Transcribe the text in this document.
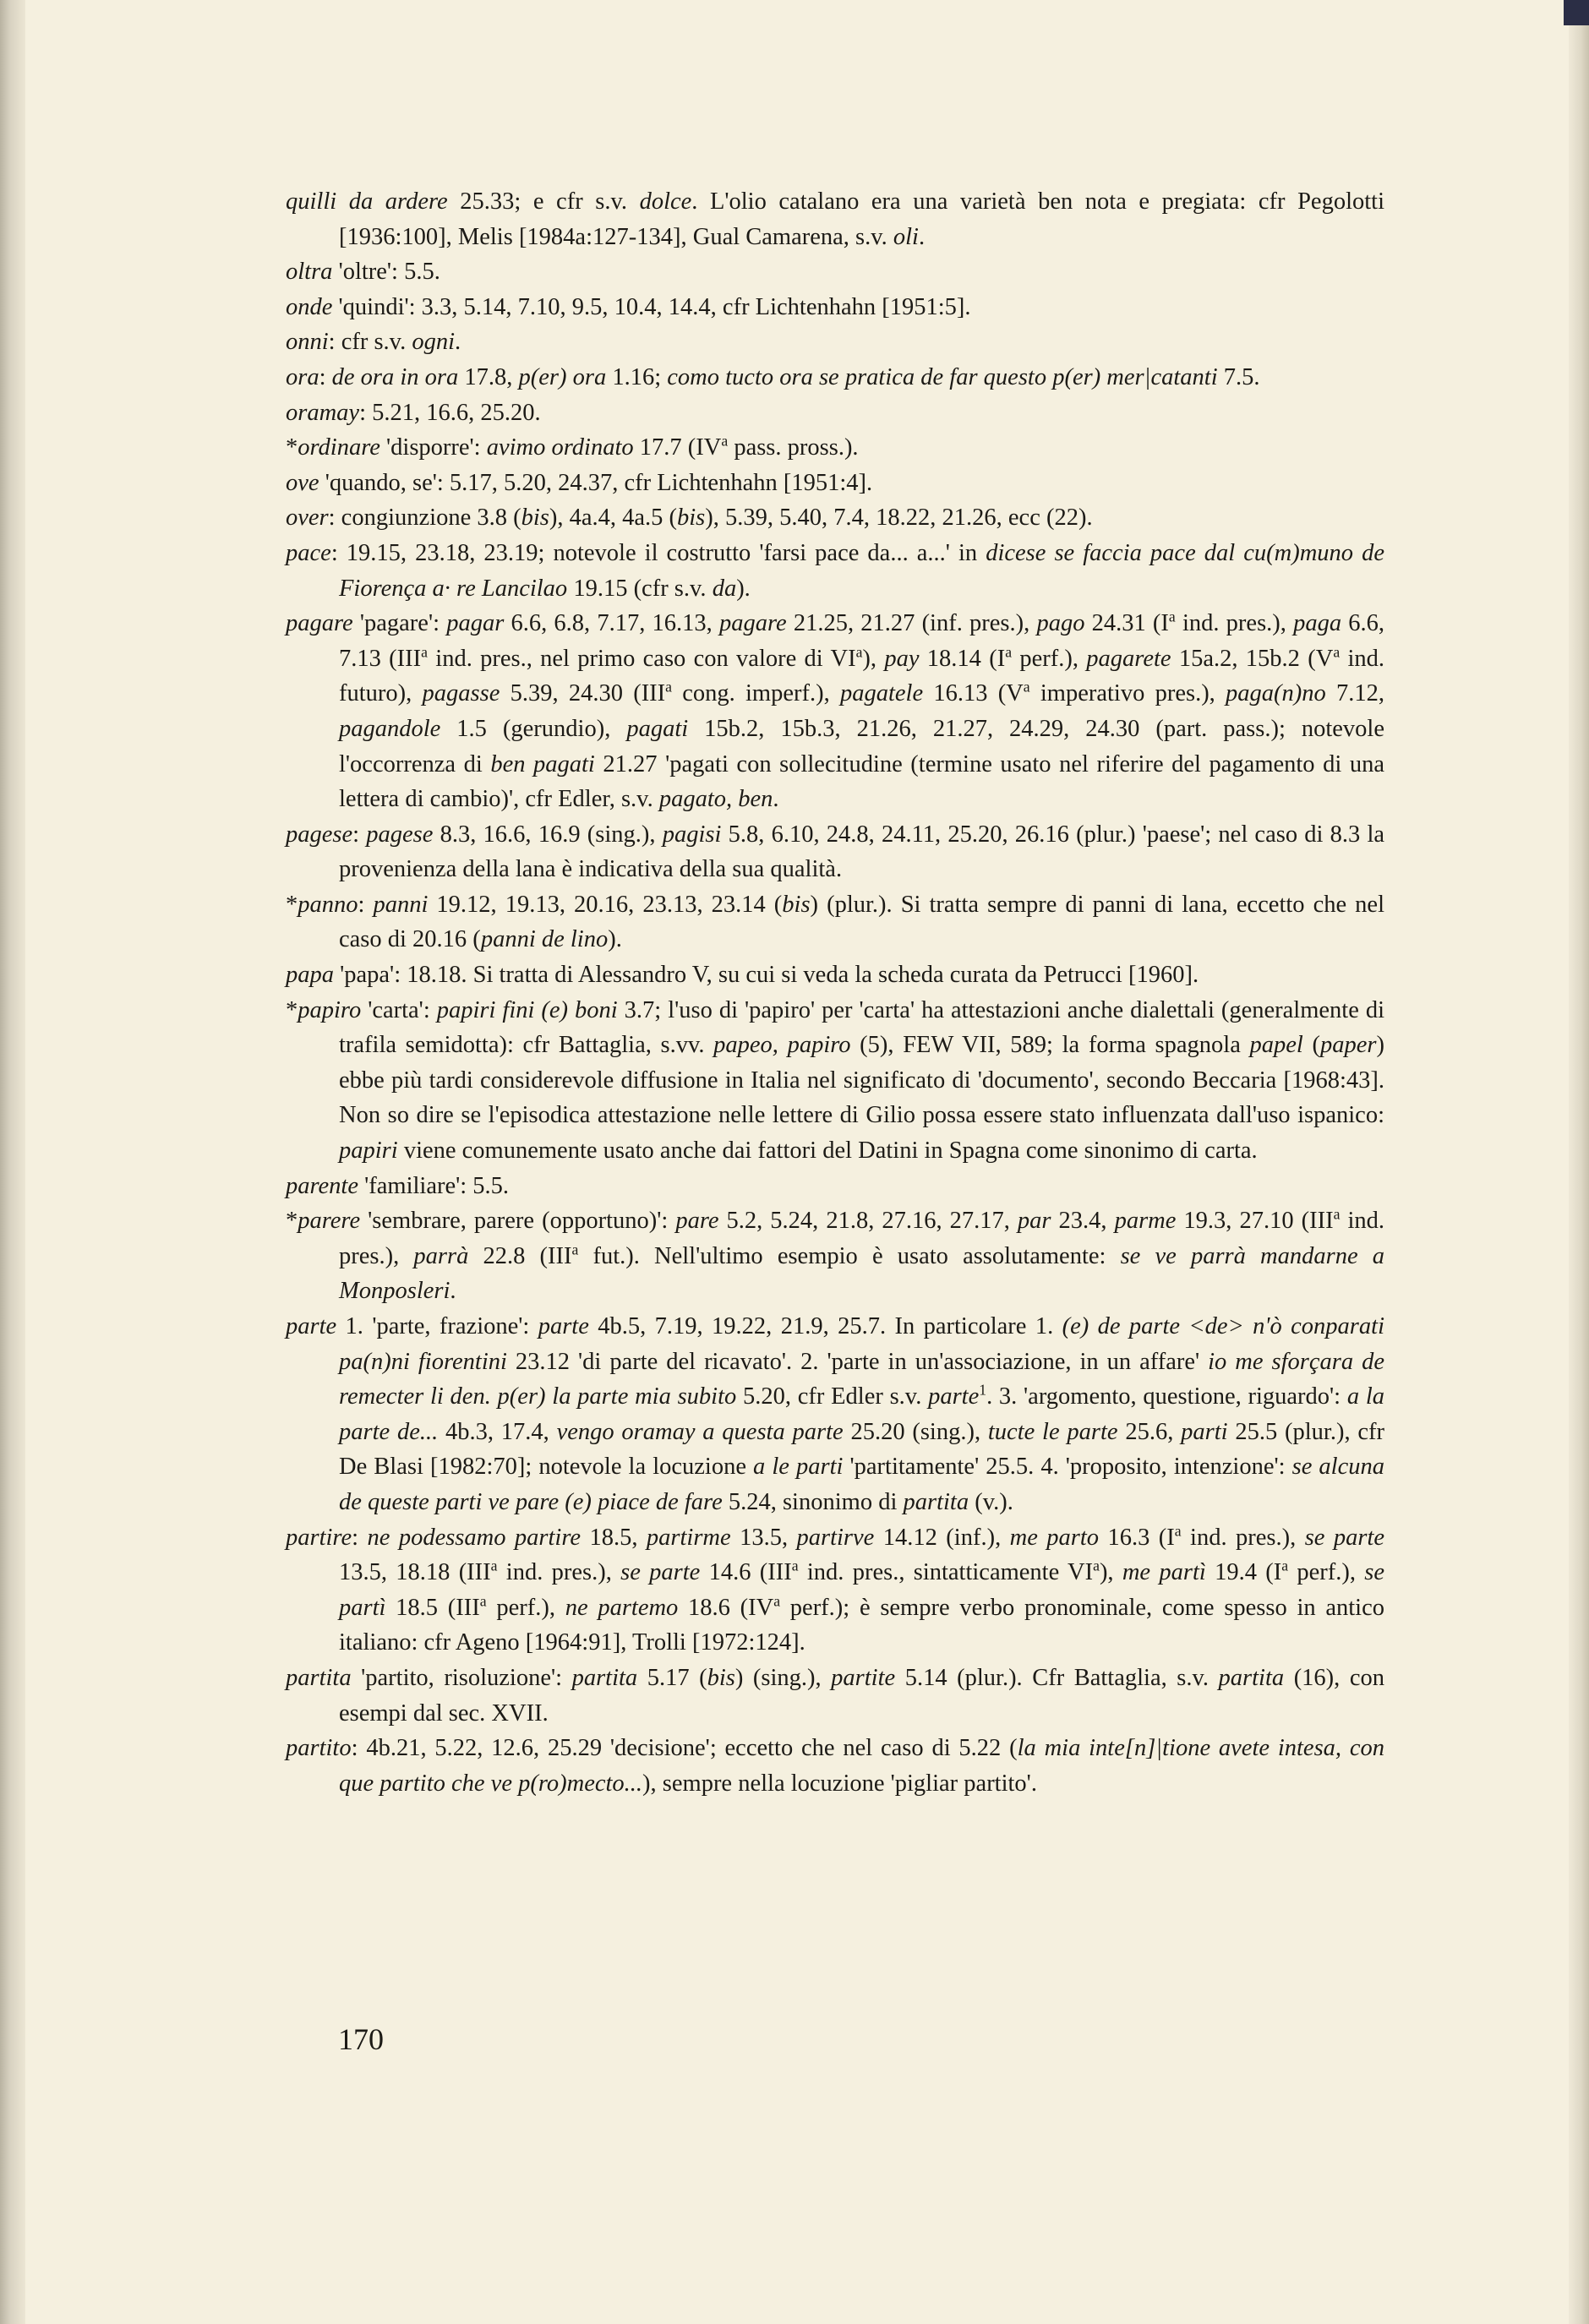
quilli da ardere 25.33; e cfr s.v. dolce. L'olio catalano era una varietà ben nota e pregiata: cfr Pegolotti [1936:100], Melis [1984a:127-134], Gual Camarena, s.v. oli.
oltra 'oltre': 5.5.
onde 'quindi': 3.3, 5.14, 7.10, 9.5, 10.4, 14.4, cfr Lichtenhahn [1951:5].
onni: cfr s.v. ogni.
ora: de ora in ora 17.8, p(er) ora 1.16; como tucto ora se pratica de far questo p(er) mer|catanti 7.5.
oramay: 5.21, 16.6, 25.20.
*ordinare 'disporre': avimo ordinato 17.7 ($IV^a$ pass. pross.).
ove 'quando, se': 5.17, 5.20, 24.37, cfr Lichtenhahn [1951:4].
over: congiunzione 3.8 (bis), 4a.4, 4a.5 (bis), 5.39, 5.40, 7.4, 18.22, 21.26, ecc (22).
pace: 19.15, 23.18, 23.19; notevole il costrutto 'farsi pace da... a...' in dicese se faccia pace dal cu(m)muno de Fiorença a· re Lancilao 19.15 (cfr s.v. da).
pagare 'pagare': pagar 6.6, 6.8, 7.17, 16.13, pagare 21.25, 21.27 (inf. pres.), pago 24.31 ($I^a$ ind. pres.), paga 6.6, 7.13 (III$^a$ ind. pres., nel primo caso con valore di $VI^a$), pay 18.14 ($I^a$ perf.), pagarete 15a.2, 15b.2 ($V^a$ ind. futuro), pagasse 5.39, 24.30 (III$^a$ cong. imperf.), pagatele 16.13 ($V^a$ imperativo pres.), paga(n)no 7.12, pagandole 1.5 (gerundio), pagati 15b.2, 15b.3, 21.26, 21.27, 24.29, 24.30 (part. pass.); notevole l'occorrenza di ben pagati 21.27 'pagati con sollecitudine (termine usato nel riferire del pagamento di una lettera di cambio)', cfr Edler, s.v. pagato, ben.
pagese: pagese 8.3, 16.6, 16.9 (sing.), pagisi 5.8, 6.10, 24.8, 24.11, 25.20, 26.16 (plur.) 'paese'; nel caso di 8.3 la provenienza della lana è indicativa della sua qualità.
*panno: panni 19.12, 19.13, 20.16, 23.13, 23.14 (bis) (plur.). Si tratta sempre di panni di lana, eccetto che nel caso di 20.16 (panni de lino).
papa 'papa': 18.18. Si tratta di Alessandro V, su cui si veda la scheda curata da Petrucci [1960].
*papiro 'carta': papiri fini (e) boni 3.7; l'uso di 'papiro' per 'carta' ha attestazioni anche dialettali (generalmente di trafila semidotta): cfr Battaglia, s.vv. papeo, papiro (5), FEW VII, 589; la forma spagnola papel (paper) ebbe più tardi considerevole diffusione in Italia nel significato di 'documento', secondo Beccaria [1968:43]. Non so dire se l'episodica attestazione nelle lettere di Gilio possa essere stato influenzata dall'uso ispanico: papiri viene comunemente usato anche dai fattori del Datini in Spagna come sinonimo di carta.
parente 'familiare': 5.5.
*parere 'sembrare, parere (opportuno)': pare 5.2, 5.24, 21.8, 27.16, 27.17, par 23.4, parme 19.3, 27.10 (III$^a$ ind. pres.), parrà 22.8 (III$^a$ fut.). Nell'ultimo esempio è usato assolutamente: se ve parrà mandarne a Monposleri.
parte 1. 'parte, frazione': parte 4b.5, 7.19, 19.22, 21.9, 25.7. In particolare 1. (e) de parte <de> n'ò conparati pa(n)ni fiorentini 23.12 'di parte del ricavato'. 2. 'parte in un'associazione, in un affare' io me sforçara de remecter li den. p(er) la parte mia subito 5.20, cfr Edler s.v. parte$^1$. 3. 'argomento, questione, riguardo': a la parte de... 4b.3, 17.4, vengo oramay a questa parte 25.20 (sing.), tucte le parte 25.6, parti 25.5 (plur.), cfr De Blasi [1982:70]; notevole la locuzione a le parti 'partitamente' 25.5. 4. 'proposito, intenzione': se alcuna de queste parti ve pare (e) piace de fare 5.24, sinonimo di partita (v.).
partire: ne podessamo partire 18.5, partirme 13.5, partirve 14.12 (inf.), me parto 16.3 ($I^a$ ind. pres.), se parte 13.5, 18.18 (III$^a$ ind. pres.), se parte 14.6 (III$^a$ ind. pres., sintatticamente $VI^a$), me partì 19.4 ($I^a$ perf.), se partì 18.5 (III$^a$ perf.), ne partemo 18.6 ($IV^a$ perf.); è sempre verbo pronominale, come spesso in antico italiano: cfr Ageno [1964:91], Trolli [1972:124].
partita 'partito, risoluzione': partita 5.17 (bis) (sing.), partite 5.14 (plur.). Cfr Battaglia, s.v. partita (16), con esempi dal sec. XVII.
partito: 4b.21, 5.22, 12.6, 25.29 'decisione'; eccetto che nel caso di 5.22 (la mia inte[n]|tione avete intesa, con que partito che ve p(ro)mecto...), sempre nella locuzione 'pigliar partito'.
170
